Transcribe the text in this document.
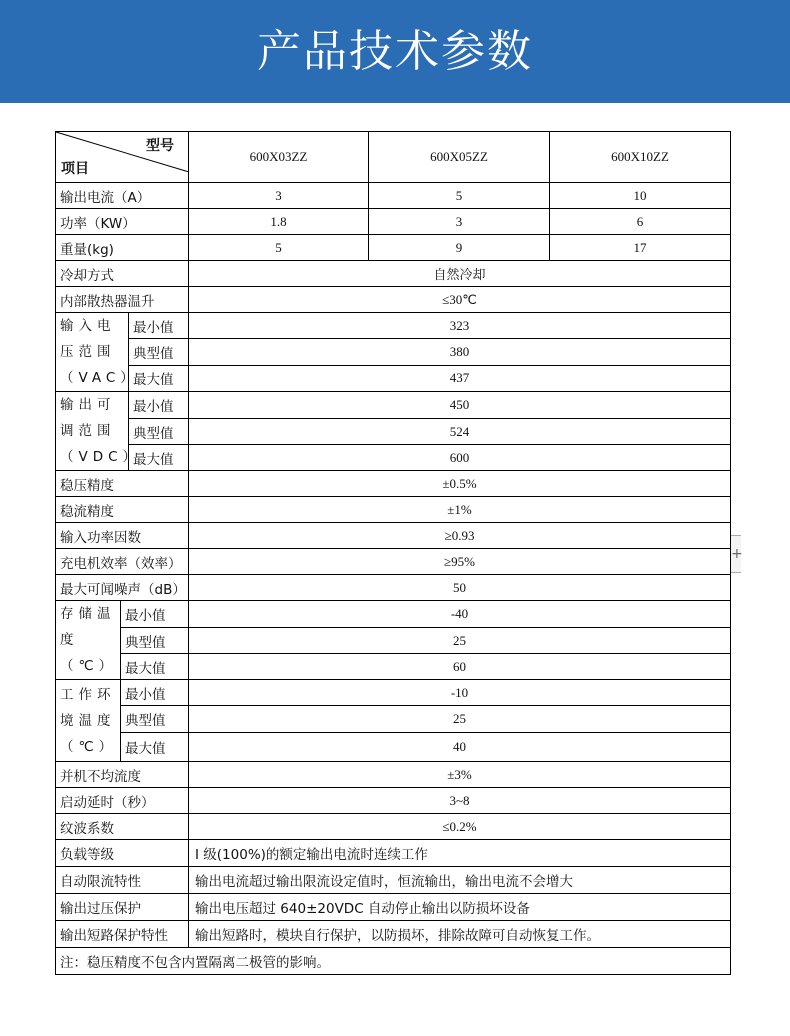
产品技术参数
型号
项目			600X03ZZ	600X05ZZ	600X10ZZ
输出电流（A）			3	5	10
功率（KW）			1.8	3	6
重量(kg)			5	9	17
冷却方式			自然冷却		
内部散热器温升			≤30℃		
输入电压范围（VAC）		最小值	323		
		典型值	380		
		最大值	437		
输出可调范围（VDC）		最小值	450		
		典型值	524		
		最大值	600		
稳压精度			±0.5%		
稳流精度			±1%		
输入功率因数			≥0.93		
充电机效率（效率）			≥95%		
最大可闻噪声（dB）			50		
存储温度（℃）	最小值		-40		
	典型值		25		
	最大值		60		
工作环境温度（℃）	最小值		-10		
	典型值		25		
	最大值		40		
并机不均流度			±3%		
启动延时（秒）			3~8		
纹波系数			≤0.2%		
负载等级			I 级(100%)的额定输出电流时连续工作		
自动限流特性			输出电流超过输出限流设定值时，恒流输出，输出电流不会增大		
输出过压保护			输出电压超过 640±20VDC 自动停止输出以防损坏设备		
输出短路保护特性			输出短路时，模块自行保护，以防损坏，排除故障可自动恢复工作。		
注：稳压精度不包含内置隔离二极管的影响。					
+
